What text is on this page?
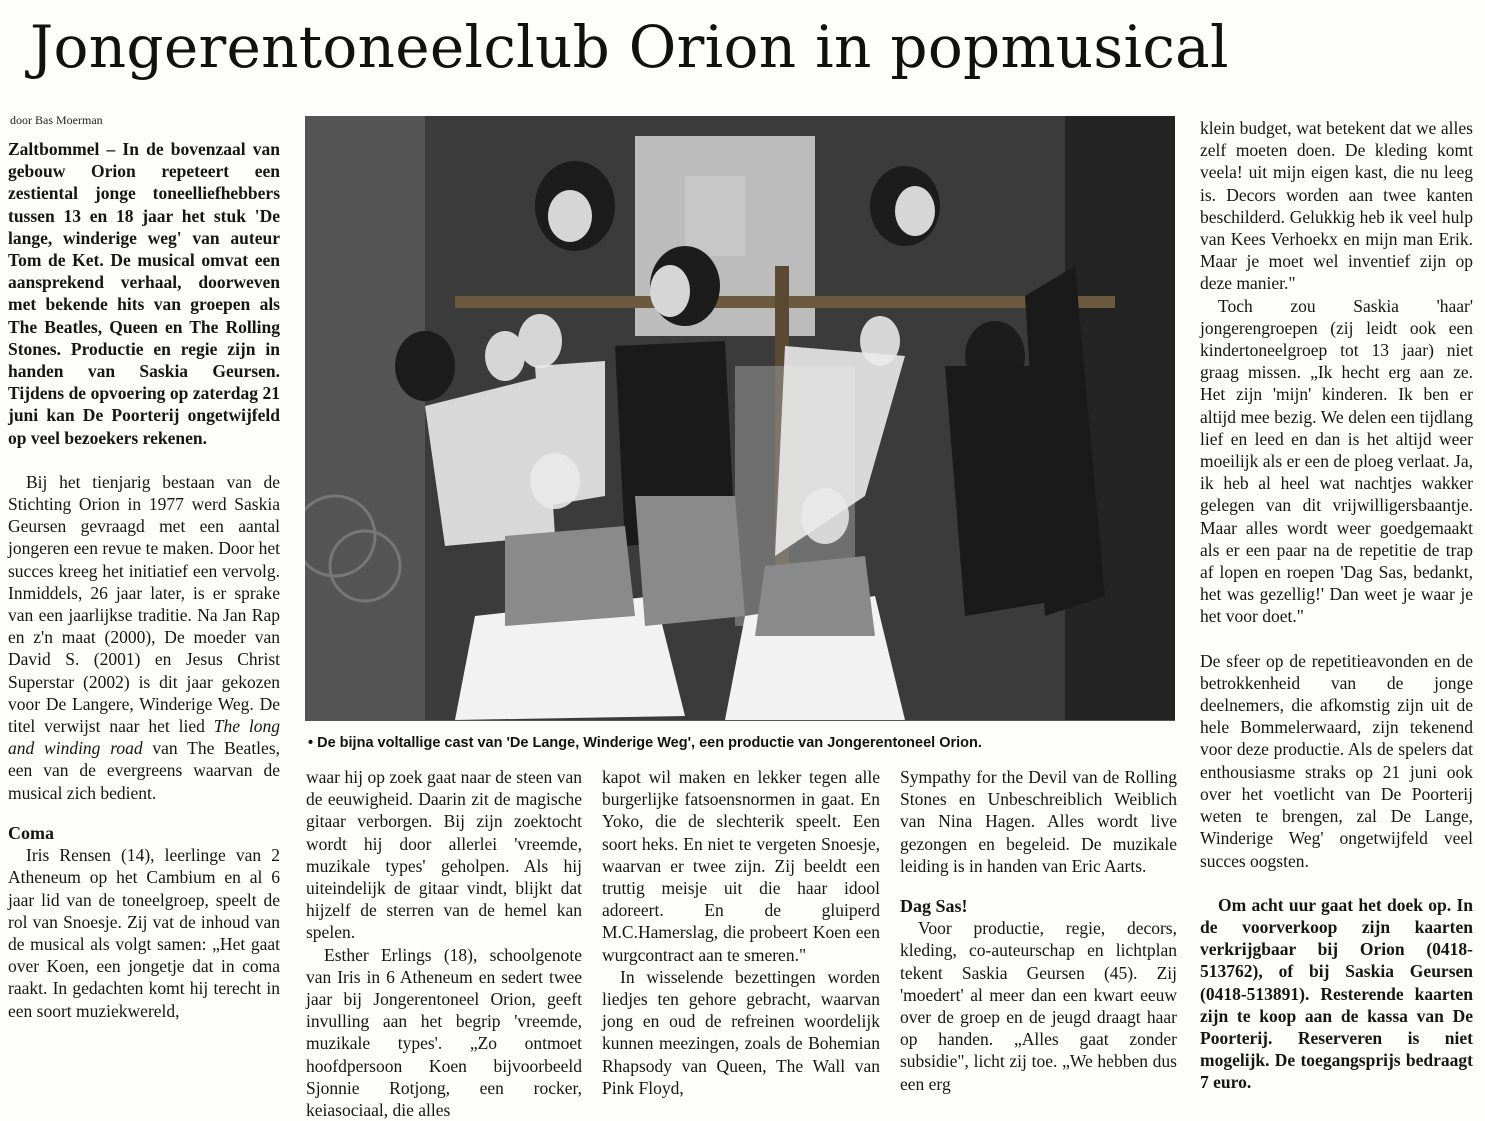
Jongerentoneelclub Orion in popmusical
door Bas Moerman

Zaltbommel – In de bovenzaal van gebouw Orion repeteert een zestiental jonge toneelliefhebbers tussen 13 en 18 jaar het stuk 'De lange, winderige weg' van auteur Tom de Ket. De musical omvat een aansprekend verhaal, doorweven met bekende hits van groepen als The Beatles, Queen en The Rolling Stones. Productie en regie zijn in handen van Saskia Geursen. Tijdens de opvoering op zaterdag 21 juni kan De Poorterij ongetwijfeld op veel bezoekers rekenen.

Bij het tienjarig bestaan van de Stichting Orion in 1977 werd Saskia Geursen gevraagd met een aantal jongeren een revue te maken. Door het succes kreeg het initiatief een vervolg. Inmiddels, 26 jaar later, is er sprake van een jaarlijkse traditie. Na Jan Rap en z'n maat (2000), De moeder van David S. (2001) en Jesus Christ Superstar (2002) is dit jaar gekozen voor De Langere, Winderige Weg. De titel verwijst naar het lied The long and winding road van The Beatles, een van de evergreens waarvan de musical zich bedient.

Coma

Iris Rensen (14), leerlinge van 2 Atheneum op het Cambium en al 6 jaar lid van de toneelgroep, speelt de rol van Snoesje. Zij vat de inhoud van de musical als volgt samen: „Het gaat over Koen, een jongetje dat in coma raakt. In gedachten komt hij terecht in een soort muziekwereld,

• De bijna voltallige cast van 'De Lange, Winderige Weg', een productie van Jongerentoneel Orion.

waar hij op zoek gaat naar de steen van de eeuwigheid. Daarin zit de magische gitaar verborgen. Bij zijn zoektocht wordt hij door allerlei 'vreemde, muzikale types' geholpen. Als hij uiteindelijk de gitaar vindt, blijkt dat hijzelf de sterren van de hemel kan spelen.

Esther Erlings (18), schoolgenote van Iris in 6 Atheneum en sedert twee jaar bij Jongerentoneel Orion, geeft invulling aan het begrip 'vreemde, muzikale types'. „Zo ontmoet hoofdpersoon Koen bijvoorbeeld Sjonnie Rotjong, een rocker, keiasociaal, die alles

kapot wil maken en lekker tegen alle burgerlijke fatsoensnormen in gaat. En Yoko, die de slechterik speelt. Een soort heks. En niet te vergeten Snoesje, waarvan er twee zijn. Zij beeldt een truttig meisje uit die haar idool adoreert. En de gluiperd M.C.Hamerslag, die probeert Koen een wurgcontract aan te smeren."

In wisselende bezettingen worden liedjes ten gehore gebracht, waarvan jong en oud de refreinen woordelijk kunnen meezingen, zoals de Bohemian Rhapsody van Queen, The Wall van Pink Floyd,

Sympathy for the Devil van de Rolling Stones en Unbeschreiblich Weiblich van Nina Hagen. Alles wordt live gezongen en begeleid. De muzikale leiding is in handen van Eric Aarts.

Dag Sas!

Voor productie, regie, decors, kleding, co-auteurschap en lichtplan tekent Saskia Geursen (45). Zij 'moedert' al meer dan een kwart eeuw over de groep en de jeugd draagt haar op handen. „Alles gaat zonder subsidie", licht zij toe. „We hebben dus een erg

klein budget, wat betekent dat we alles zelf moeten doen. De kleding komt veela! uit mijn eigen kast, die nu leeg is. Decors worden aan twee kanten beschilderd. Gelukkig heb ik veel hulp van Kees Verhoekx en mijn man Erik. Maar je moet wel inventief zijn op deze manier."

Toch zou Saskia 'haar' jongerengroepen (zij leidt ook een kindertoneelgroep tot 13 jaar) niet graag missen. „Ik hecht erg aan ze. Het zijn 'mijn' kinderen. Ik ben er altijd mee bezig. We delen een tijdlang lief en leed en dan is het altijd weer moeilijk als er een de ploeg verlaat. Ja, ik heb al heel wat nachtjes wakker gelegen van dit vrijwilligersbaantje. Maar alles wordt weer goedgemaakt als er een paar na de repetitie de trap af lopen en roepen 'Dag Sas, bedankt, het was gezellig!' Dan weet je waar je het voor doet."

De sfeer op de repetitieavonden en de betrokkenheid van de jonge deelnemers, die afkomstig zijn uit de hele Bommelerwaard, zijn tekenend voor deze productie. Als de spelers dat enthousiasme straks op 21 juni ook over het voetlicht van De Poorterij weten te brengen, zal De Lange, Winderige Weg' ongetwijfeld veel succes oogsten.

Om acht uur gaat het doek op. In de voorverkoop zijn kaarten verkrijgbaar bij Orion (0418-513762), of bij Saskia Geursen (0418-513891). Resterende kaarten zijn te koop aan de kassa van De Poorterij. Reserveren is niet mogelijk. De toegangsprijs bedraagt 7 euro.
